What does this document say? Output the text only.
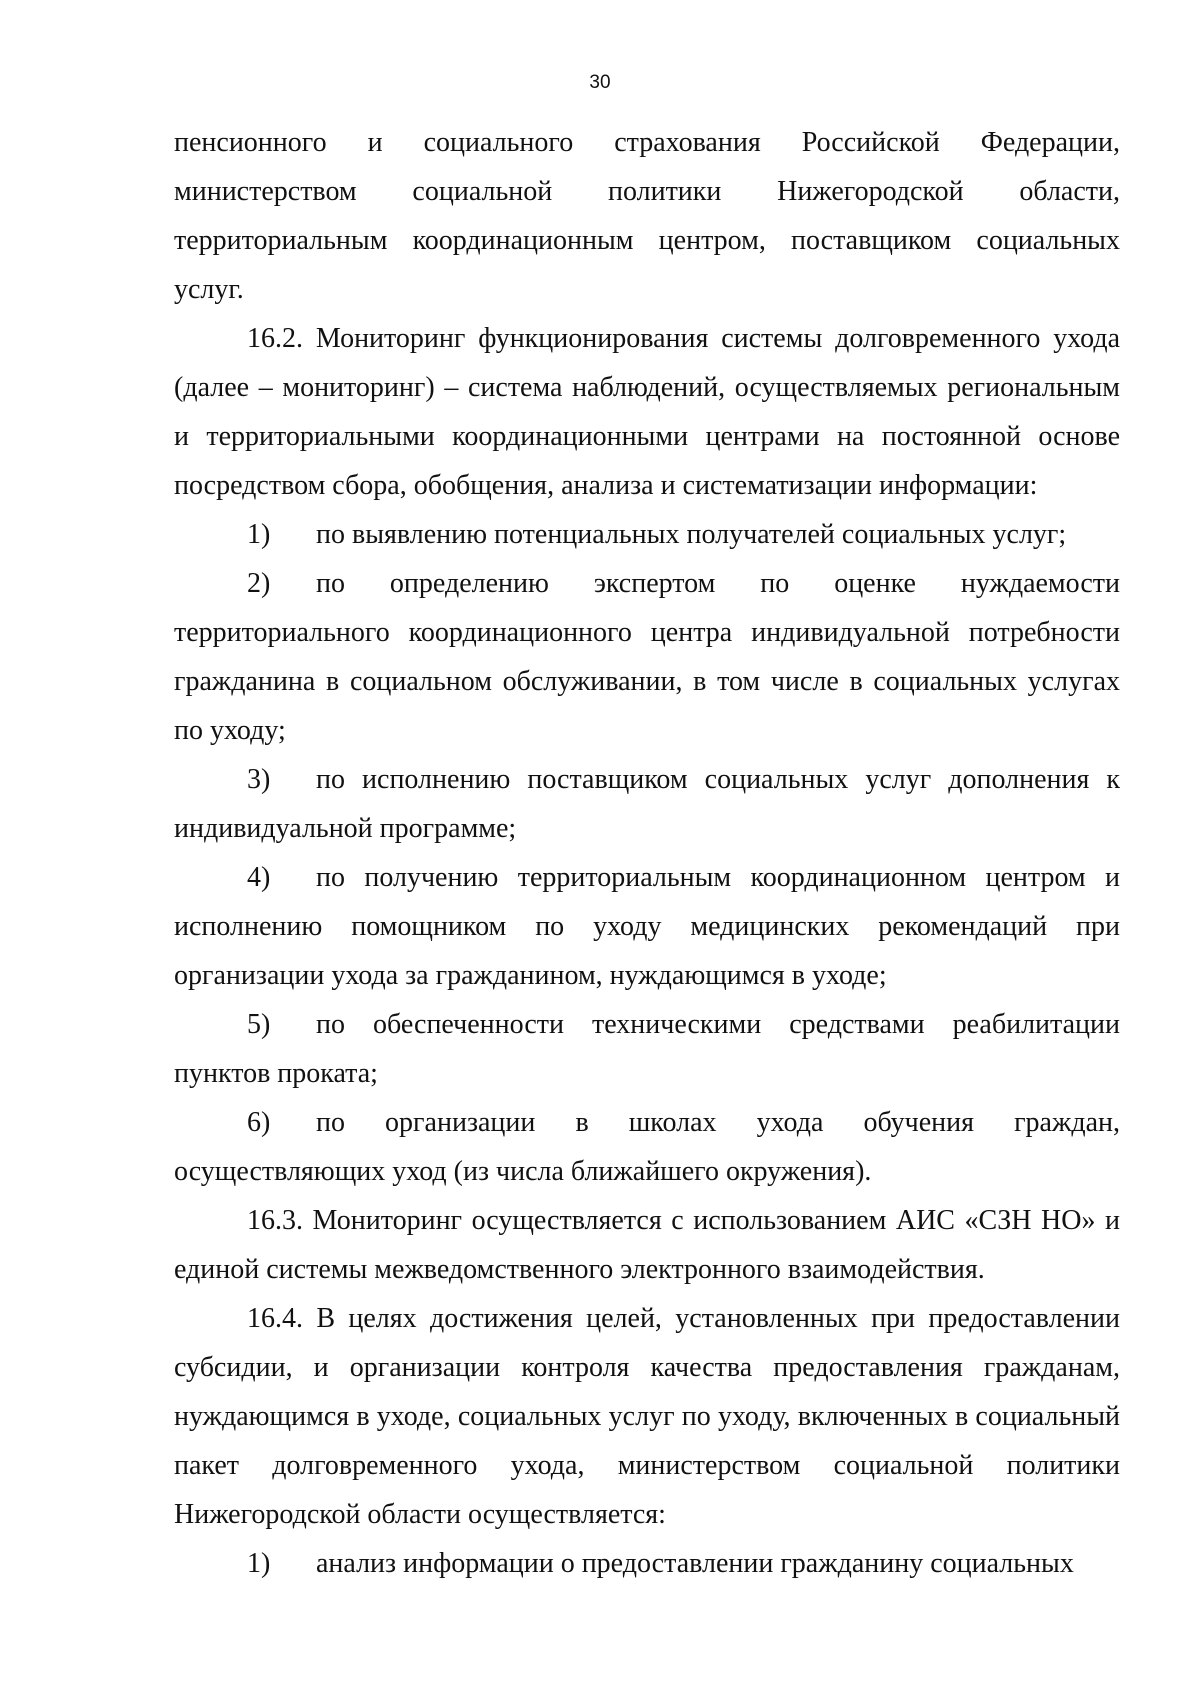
30

пенсионного и социального страхования Российской Федерации, министерством социальной политики Нижегородской области, территориальным координационным центром, поставщиком социальных услуг.

16.2. Мониторинг функционирования системы долговременного ухода (далее – мониторинг) – система наблюдений, осуществляемых региональным и территориальными координационными центрами на постоянной основе посредством сбора, обобщения, анализа и систематизации информации:

1) по выявлению потенциальных получателей социальных услуг;

2) по определению экспертом по оценке нуждаемости территориального координационного центра индивидуальной потребности гражданина в социальном обслуживании, в том числе в социальных услугах по уходу;

3) по исполнению поставщиком социальных услуг дополнения к индивидуальной программе;

4) по получению территориальным координационном центром и исполнению помощником по уходу медицинских рекомендаций при организации ухода за гражданином, нуждающимся в уходе;

5) по обеспеченности техническими средствами реабилитации пунктов проката;

6) по организации в школах ухода обучения граждан, осуществляющих уход (из числа ближайшего окружения).

16.3. Мониторинг осуществляется с использованием АИС «СЗН НО» и единой системы межведомственного электронного взаимодействия.

16.4. В целях достижения целей, установленных при предоставлении субсидии, и организации контроля качества предоставления гражданам, нуждающимся в уходе, социальных услуг по уходу, включенных в социальный пакет долговременного ухода, министерством социальной политики Нижегородской области осуществляется:

1) анализ информации о предоставлении гражданину социальных
